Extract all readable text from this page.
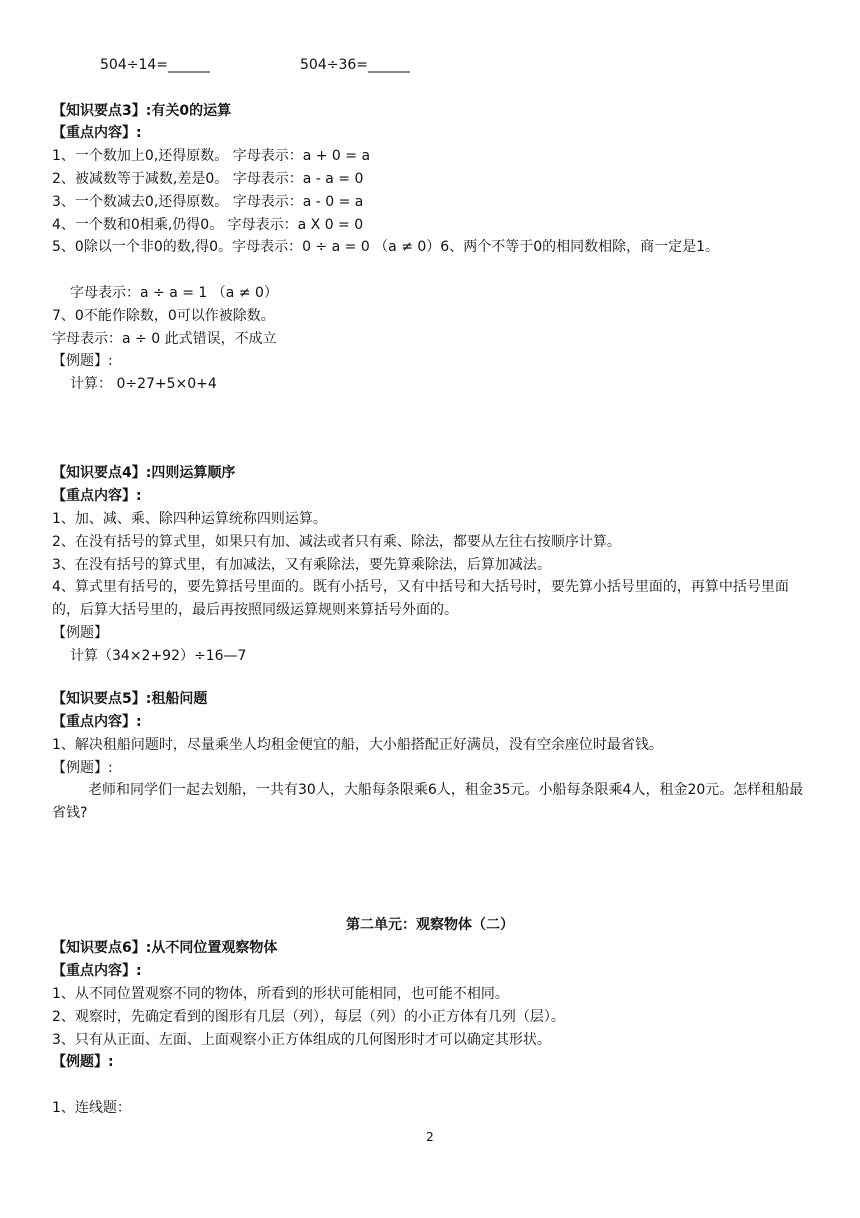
504÷14=______	504÷36=______
【知识要点3】:有关0的运算
【重点内容】:
1、一个数加上0,还得原数。 字母表示：a + 0 = a
2、被减数等于减数,差是0。 字母表示：a - a = 0
3、一个数减去0,还得原数。 字母表示：a - 0 = a
4、一个数和0相乘,仍得0。 字母表示：a X 0 = 0
5、0除以一个非0的数,得0。字母表示：0 ÷ a = 0 （a ≠ 0）6、两个不等于0的相同数相除，商一定是1。
字母表示：a ÷ a = 1 （a ≠ 0）
7、0不能作除数，0可以作被除数。
字母表示：a ÷ 0 此式错误，不成立
【例题】:
计算： 0÷27+5×0+4
【知识要点4】:四则运算顺序
【重点内容】:
1、加、减、乘、除四种运算统称四则运算。
2、在没有括号的算式里，如果只有加、减法或者只有乘、除法，都要从左往右按顺序计算。
3、在没有括号的算式里，有加减法，又有乘除法，要先算乘除法，后算加减法。
4、算式里有括号的，要先算括号里面的。既有小括号，又有中括号和大括号时，要先算小括号里面的，再算中括号里面的，后算大括号里的，最后再按照同级运算规则来算括号外面的。
【例题】
计算（34×2+92）÷16—7
【知识要点5】:租船问题
【重点内容】:
1、解决租船问题时，尽量乘坐人均租金便宜的船，大小船搭配正好满员，没有空余座位时最省钱。
【例题】:
老师和同学们一起去划船，一共有30人，大船每条限乘6人，租金35元。小船每条限乘4人，租金20元。怎样租船最省钱?
第二单元：观察物体（二）
【知识要点6】:从不同位置观察物体
【重点内容】:
1、从不同位置观察不同的物体，所看到的形状可能相同，也可能不相同。
2、观察时，先确定看到的图形有几层（列），每层（列）的小正方体有几列（层）。
3、只有从正面、左面、上面观察小正方体组成的几何图形时才可以确定其形状。
【例题】:
1、连线题：
2
